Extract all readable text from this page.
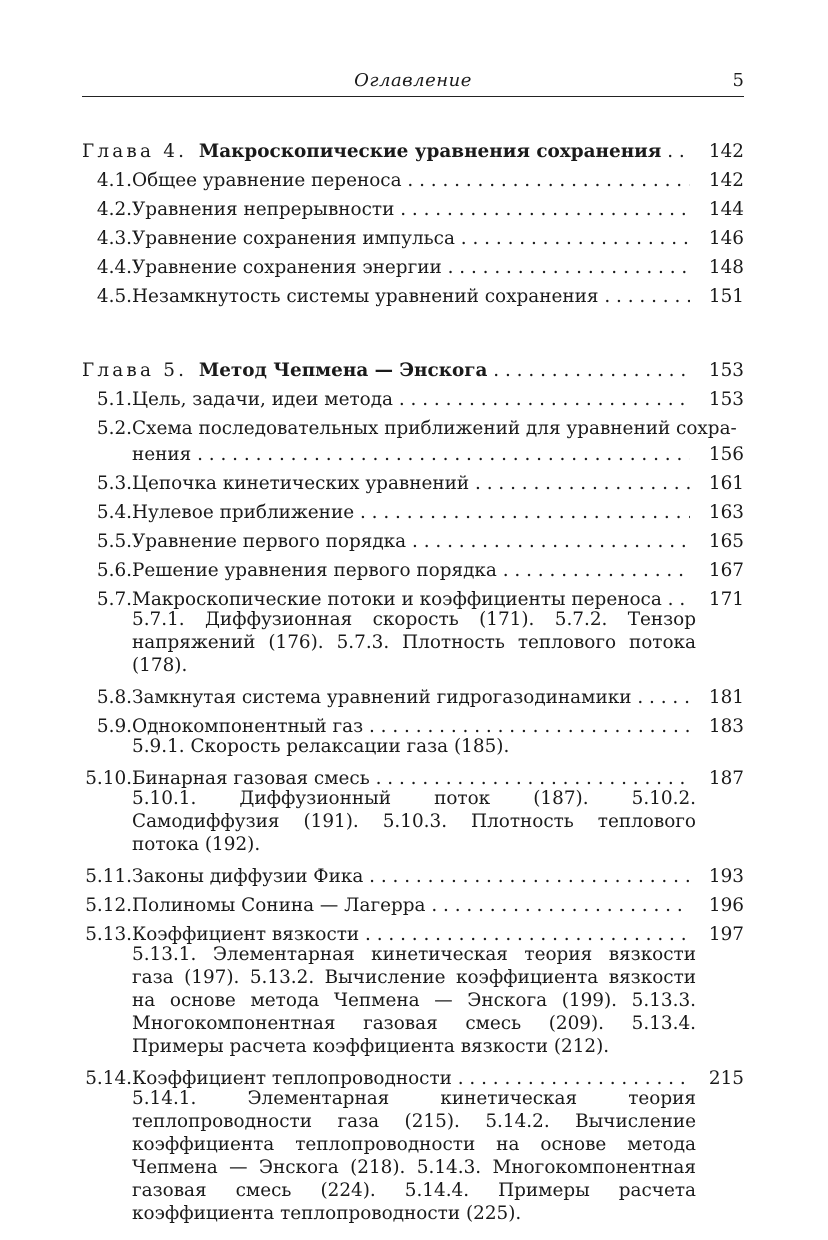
Оглавление	5
Глава 4. Макроскопические уравнения сохранения . . .	142
4.1. Общее уравнение переноса . . .	142
4.2. Уравнения непрерывности . . .	144
4.3. Уравнение сохранения импульса . . .	146
4.4. Уравнение сохранения энергии . . .	148
4.5. Незамкнутость системы уравнений сохранения . . .	151
Глава 5. Метод Чепмена — Энскога . . .	153
5.1. Цель, задачи, идеи метода . . .	153
5.2. Схема последовательных приближений для уравнений сохра- . . .
нения . . .	156
5.3. Цепочка кинетических уравнений . . .	161
5.4. Нулевое приближение . . .	163
5.5. Уравнение первого порядка . . .	165
5.6. Решение уравнения первого порядка . . .	167
5.7. Макроскопические потоки и коэффициенты переноса . . .	171
5.7.1. Диффузионная скорость (171). 5.7.2. Тензор напряжений (176). 5.7.3. Плотность теплового потока (178).
5.8. Замкнутая система уравнений гидрогазодинамики . . .	181
5.9. Однокомпонентный газ . . .	183
5.9.1. Скорость релаксации газа (185).
5.10. Бинарная газовая смесь . . .	187
5.10.1. Диффузионный поток (187). 5.10.2. Самодиффузия (191). 5.10.3. Плотность теплового потока (192).
5.11. Законы диффузии Фика . . .	193
5.12. Полиномы Сонина — Лагерра . . .	196
5.13. Коэффициент вязкости . . .	197
5.13.1. Элементарная кинетическая теория вязкости газа (197). 5.13.2. Вычисление коэффициента вязкости на основе метода Чепмена — Энскога (199). 5.13.3. Многокомпонентная газовая смесь (209). 5.13.4. Примеры расчета коэффициента вязкости (212).
5.14. Коэффициент теплопроводности . . .	215
5.14.1. Элементарная кинетическая теория теплопроводности газа (215). 5.14.2. Вычисление коэффициента теплопроводности на основе метода Чепмена — Энскога (218). 5.14.3. Многокомпонентная газовая смесь (224). 5.14.4. Примеры расчета коэффициента теплопроводности (225).
